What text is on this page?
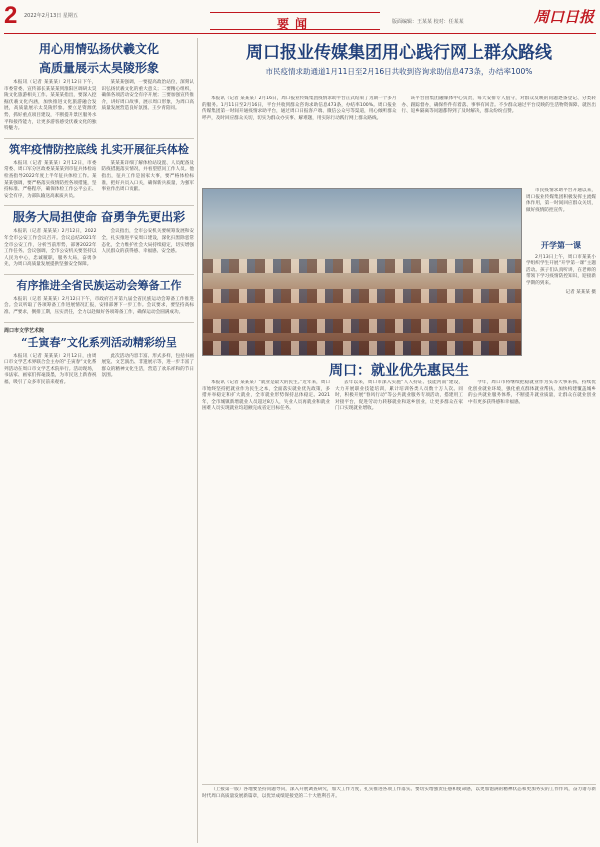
2 2022年2月13日 星期五
要闻	版面编辑：王某某 校对：任某某	周口日报
用心用情弘扬伏羲文化
高质量展示太昊陵形象
本报讯（记者 某某某）2月12日下午，市委常委、宣传部长某某某到淮阳区调研太昊陵文化旅游相关工作。某某某指出，要深入挖掘伏羲文化内涵，加快推进文化旅游融合发展，高质量展示太昊陵形象。要立足资源优势，抓好重点项目建设，不断提升景区服务水平和接待能力，让更多游客感受伏羲文化的独特魅力。
某某某强调，一要提高政治站位，深刻认识弘扬伏羲文化的重大意义；二要精心组织，确保各项活动安全有序开展；三要加强宣传推介，讲好周口故事，展示周口形象，为周口高质量发展营造良好氛围。王少青陪同。
筑牢疫情防控底线 扎实开展征兵体检
本报讯（记者 某某某）2月12日，市委常委、周口军分区政委某某某到市征兵体检站检查指导2022年度上半年征兵体检工作。某某某强调，要严格落实疫情防控各项措施，坚持标准、严格程序，确保体检工作公平公正、安全有序，为部队输送高素质兵员。
某某某详细了解体检站设置、人员配备及防疫措施落实情况，并看望慰问工作人员。他指出，征兵工作是国家大事，要严格体检标准，把好兵员入口关，确保新兵质量，为强军事业作出周口贡献。
服务大局担使命 奋勇争先更出彩
本报讯（记者 某某某）2月12日，2022年全市公安工作会议召开。会议总结2021年全市公安工作，分析当前形势，部署2022年工作任务。会议强调，全市公安机关要坚持以人民为中心，忠诚履职，服务大局，奋勇争先，为周口高质量发展提供坚强安全保障。
会议指出，全市公安机关要统筹发展和安全，扎实推进平安周口建设，深化扫黑除恶常态化，全力维护社会大局持续稳定，切实增强人民群众的获得感、幸福感、安全感。
有序推进全省民族运动会筹备工作
本报讯（记者 某某某）2月12日下午，市政府召开第九届全省民族运动会筹备工作推进会。会议听取了各项筹备工作进展情况汇报，安排部署下一步工作。会议要求，要坚持高标准、严要求，倒排工期，压实责任，全力以赴做好各项筹备工作，确保运动会圆满成功。
周口市文学艺术院
“壬寅春”文化系列活动精彩纷呈
本报讯（记者 某某某）2月12日，由周口市文学艺术界联合会主办的“壬寅春”文化系列活动在周口市文学艺术院举行。活动现场，书法家、画家们挥毫泼墨，为市民送上新春祝福，吸引了众多市民前来观看。
此次活动内容丰富、形式多样，包括书画展览、文艺演出、非遗展示等，进一步丰富了群众的精神文化生活，营造了欢乐祥和的节日氛围。
周口报业传媒集团用心践行网上群众路线
市民疫情求助通道1月11日至2月16日共收到咨询求助信息473条，办结率100%
本报讯（记者 某某某）2月16日，周口报业传媒集团疫情求助平台正式结束了为期一个多月的服务。1月11日至2月16日，平台共收到群众咨询求助信息473条，办结率100%。周口报业传媒集团第一时间开通疫情求助平台，通过周口日报客户端、微信公众号等渠道，用心倾听群众呼声，及时回应群众关切，切实为群众办实事、解难题，用实际行动践行网上群众路线。
该平台由集团融媒体中心负责，每天安排专人值守，对群众反映的问题逐条登记、分类转办、跟踪督办，确保件件有着落、事事有回音。不少群众通过平台反映的生活物资保障、就医出行、返乡隔离等问题都得到了及时解决，群众纷纷点赞。
市民疫情求助平台开通以来，周口报业传媒集团积极发挥主流媒体作用，第一时间回应群众关切，做好疫情防控宣传。
开学第一课
2月13日上午，周口市某某小学组织学生开展“开学第一课”主题活动。孩子们认真听讲，在老师的带领下学习疫情防控知识，迎接新学期的到来。
记者 某某某 摄
周口：就业优先惠民生
本报讯（记者 某某某）“就业是最大的民生。”近年来，周口市始终坚持把就业作为民生之本，全面落实就业优先政策，多措并举稳定和扩大就业，全市就业形势保持总体稳定。2021年，全市城镇新增就业人员超过8万人，失业人员再就业和就业困难人员实现就业均超额完成省定目标任务。
去年以来，周口市深入实施“人人持证、技能河南”建设，大力开展职业技能培训，累计培训各类人员数十万人次。同时，积极开展“春风行动”等公共就业服务专项活动，搭建用工对接平台，促进劳动力转移就业和返乡创业，让更多群众在家门口实现就业增收。
今年，周口市将继续把稳就业作为头等大事来抓，持续优化创业就业环境，强化重点群体就业帮扶，加快构建覆盖城乡的公共就业服务体系，不断提升就业质量，让群众在就业创业中有更多获得感和幸福感。
（上接第一版）各地要坚持问题导向，深入开展调查研究，加大工作力度，扎实推进各项工作落实。要切实增强责任感和使命感，以更加饱满的精神状态和更加务实的工作作风，奋力谱写新时代周口高质量发展新篇章，以优异成绩迎接党的二十大胜利召开。
